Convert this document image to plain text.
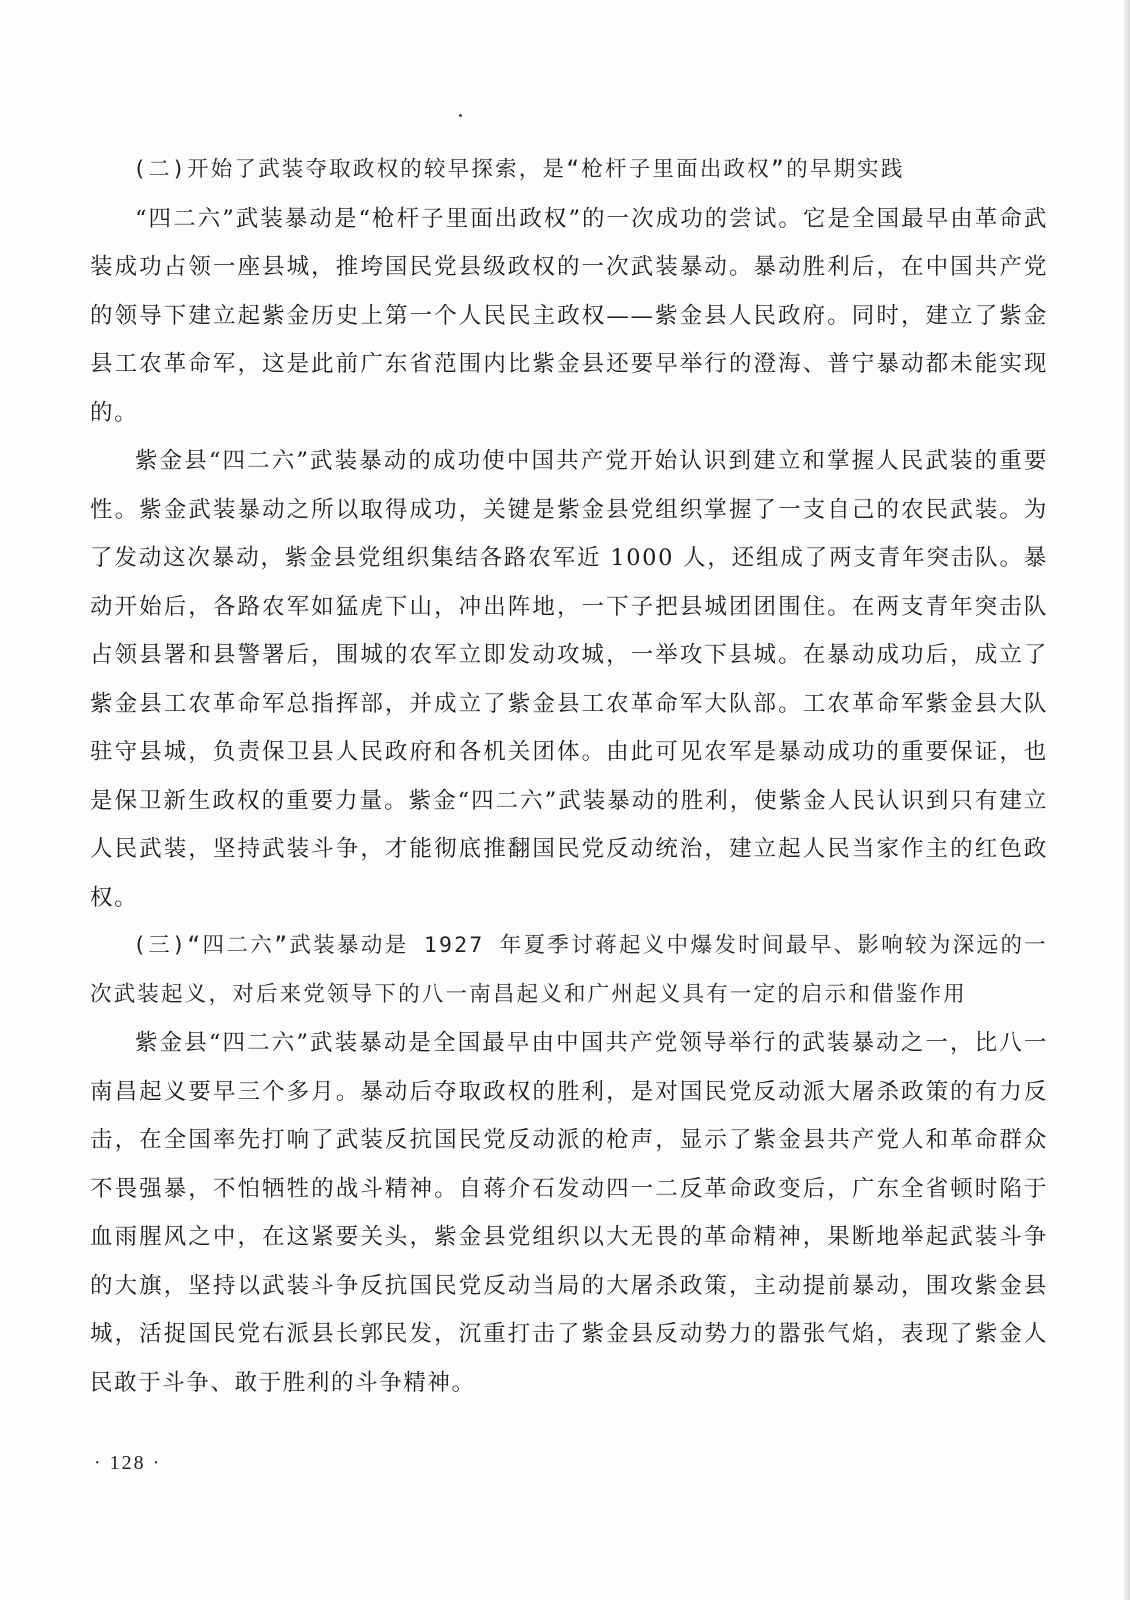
(二)开始了武装夺取政权的较早探索，是“枪杆子里面出政权”的早期实践

“四二六”武装暴动是“枪杆子里面出政权”的一次成功的尝试。它是全国最早由革命武装成功占领一座县城，推垮国民党县级政权的一次武装暴动。暴动胜利后，在中国共产党的领导下建立起紫金历史上第一个人民民主政权——紫金县人民政府。同时，建立了紫金县工农革命军，这是此前广东省范围内比紫金县还要早举行的澄海、普宁暴动都未能实现的。

紫金县“四二六”武装暴动的成功使中国共产党开始认识到建立和掌握人民武装的重要性。紫金武装暴动之所以取得成功，关键是紫金县党组织掌握了一支自己的农民武装。为了发动这次暴动，紫金县党组织集结各路农军近 1000 人，还组成了两支青年突击队。暴动开始后，各路农军如猛虎下山，冲出阵地，一下子把县城团团围住。在两支青年突击队占领县署和县警署后，围城的农军立即发动攻城，一举攻下县城。在暴动成功后，成立了紫金县工农革命军总指挥部，并成立了紫金县工农革命军大队部。工农革命军紫金县大队驻守县城，负责保卫县人民政府和各机关团体。由此可见农军是暴动成功的重要保证，也是保卫新生政权的重要力量。紫金“四二六”武装暴动的胜利，使紫金人民认识到只有建立人民武装，坚持武装斗争，才能彻底推翻国民党反动统治，建立起人民当家作主的红色政权。

(三)“四二六”武装暴动是 1927 年夏季讨蒋起义中爆发时间最早、影响较为深远的一次武装起义，对后来党领导下的八一南昌起义和广州起义具有一定的启示和借鉴作用

紫金县“四二六”武装暴动是全国最早由中国共产党领导举行的武装暴动之一，比八一南昌起义要早三个多月。暴动后夺取政权的胜利，是对国民党反动派大屠杀政策的有力反击，在全国率先打响了武装反抗国民党反动派的枪声，显示了紫金县共产党人和革命群众不畏强暴，不怕牺牲的战斗精神。自蒋介石发动四一二反革命政变后，广东全省顿时陷于血雨腥风之中，在这紧要关头，紫金县党组织以大无畏的革命精神，果断地举起武装斗争的大旗，坚持以武装斗争反抗国民党反动当局的大屠杀政策，主动提前暴动，围攻紫金县城，活捉国民党右派县长郭民发，沉重打击了紫金县反动势力的嚣张气焰，表现了紫金人民敢于斗争、敢于胜利的斗争精神。

· 128 ·
